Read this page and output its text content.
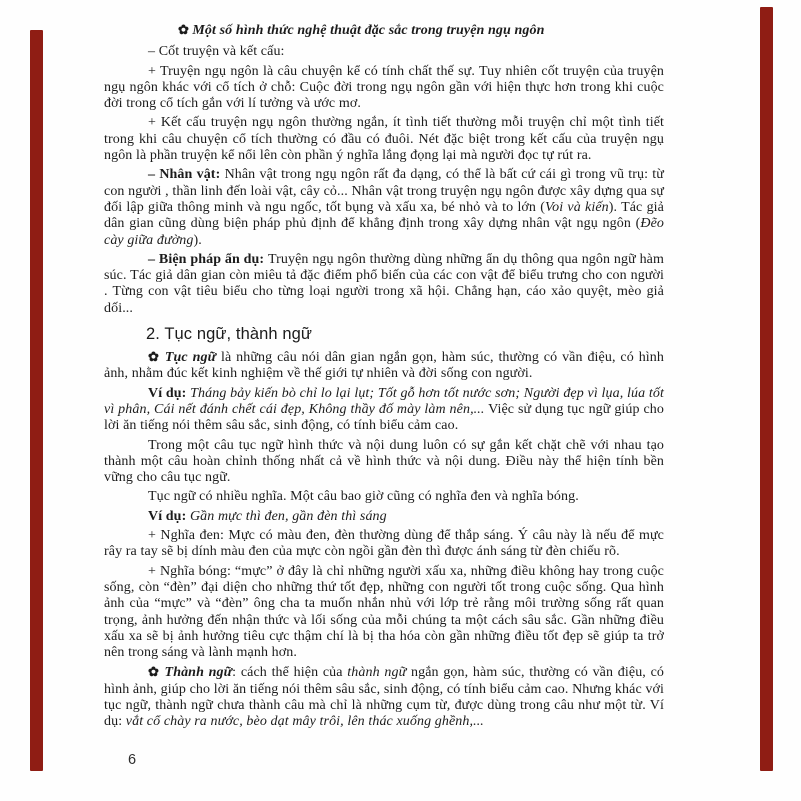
✿ Một số hình thức nghệ thuật đặc sắc trong truyện ngụ ngôn

– Cốt truyện và kết cấu:

+ Truyện ngụ ngôn là câu chuyện kể có tính chất thế sự. Tuy nhiên cốt truyện của truyện ngụ ngôn khác với cổ tích ở chỗ: Cuộc đời trong ngụ ngôn gần với hiện thực hơn trong khi cuộc đời trong cổ tích gắn với lí tưởng và ước mơ.

+ Kết cấu truyện ngụ ngôn thường ngắn, ít tình tiết thường mỗi truyện chỉ một tình tiết trong khi câu chuyện cổ tích thường có đầu có đuôi. Nét đặc biệt trong kết cấu của truyện ngụ ngôn là phần truyện kể nổi lên còn phần ý nghĩa lắng đọng lại mà người đọc tự rút ra.

– Nhân vật: Nhân vật trong ngụ ngôn rất đa dạng, có thể là bất cứ cái gì trong vũ trụ: từ con người , thần linh đến loài vật, cây cỏ... Nhân vật trong truyện ngụ ngôn được xây dựng qua sự đối lập giữa thông minh và ngu ngốc, tốt bụng và xấu xa, bé nhỏ và to lớn (Voi và kiến). Tác giả dân gian cũng dùng biện pháp phủ định để khẳng định trong xây dựng nhân vật ngụ ngôn (Đẽo cày giữa đường).

– Biện pháp ẩn dụ: Truyện ngụ ngôn thường dùng những ẩn dụ thông qua ngôn ngữ hàm súc. Tác giả dân gian còn miêu tả đặc điểm phổ biến của các con vật để biểu trưng cho con người . Từng con vật tiêu biểu cho từng loại người trong xã hội. Chẳng hạn, cáo xảo quyệt, mèo giả dối...

2. Tục ngữ, thành ngữ

✿ Tục ngữ là những câu nói dân gian ngắn gọn, hàm súc, thường có vần điệu, có hình ảnh, nhằm đúc kết kinh nghiệm về thế giới tự nhiên và đời sống con người.

Ví dụ: Tháng bảy kiến bò chỉ lo lại lụt; Tốt gỗ hơn tốt nước sơn; Người đẹp vì lụa, lúa tốt vì phân, Cái nết đánh chết cái đẹp, Không thầy đố mày làm nên,... Việc sử dụng tục ngữ giúp cho lời ăn tiếng nói thêm sâu sắc, sinh động, có tính biểu cảm cao.

Trong một câu tục ngữ hình thức và nội dung luôn có sự gắn kết chặt chẽ với nhau tạo thành một câu hoàn chỉnh thống nhất cả về hình thức và nội dung. Điều này thể hiện tính bền vững cho câu tục ngữ.

Tục ngữ có nhiều nghĩa. Một câu bao giờ cũng có nghĩa đen và nghĩa bóng.

Ví dụ: Gần mực thì đen, gần đèn thì sáng

+ Nghĩa đen: Mực có màu đen, đèn thường dùng để thắp sáng. Ý câu này là nếu để mực rây ra tay sẽ bị dính màu đen của mực còn ngồi gần đèn thì được ánh sáng từ đèn chiếu rõ.

+ Nghĩa bóng: “mực” ở đây là chỉ những người xấu xa, những điều không hay trong cuộc sống, còn “đèn” đại diện cho những thứ tốt đẹp, những con người tốt trong cuộc sống. Qua hình ảnh của “mực” và “đèn” ông cha ta muốn nhắn nhủ với lớp trẻ rằng môi trường sống rất quan trọng, ảnh hưởng đến nhận thức và lối sống của mỗi chúng ta một cách sâu sắc. Gần những điều xấu xa sẽ bị ảnh hưởng tiêu cực thậm chí là bị tha hóa còn gần những điều tốt đẹp sẽ giúp ta trở nên trong sáng và lành mạnh hơn.

✿ Thành ngữ: cách thể hiện của thành ngữ ngắn gọn, hàm súc, thường có vần điệu, có hình ảnh, giúp cho lời ăn tiếng nói thêm sâu sắc, sinh động, có tính biểu cảm cao. Nhưng khác với tục ngữ, thành ngữ chưa thành câu mà chỉ là những cụm từ, được dùng trong câu như một từ. Ví dụ: vắt cổ chày ra nước, bèo dạt mây trôi, lên thác xuống ghềnh,...

6
